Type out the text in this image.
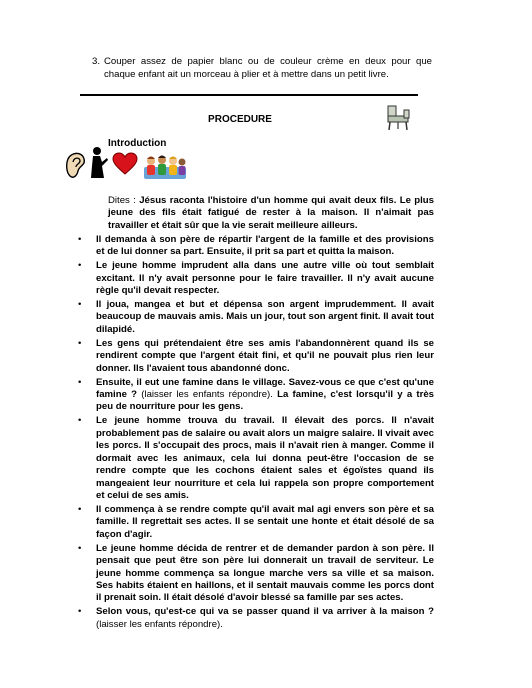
3. Couper assez de papier blanc ou de couleur crème en deux pour que chaque enfant ait un morceau à plier et à mettre dans un petit livre.
PROCEDURE
Introduction
Dites : Jésus raconta l'histoire d'un homme qui avait deux fils. Le plus jeune des fils était fatigué de rester à la maison. Il n'aimait pas travailler et était sûr que la vie serait meilleure ailleurs.
• Il demanda à son père de répartir l'argent de la famille et des provisions et de lui donner sa part. Ensuite, il prit sa part et quitta la maison.
• Le jeune homme imprudent alla dans une autre ville où tout semblait excitant. Il n'y avait personne pour le faire travailler. Il n'y avait aucune règle qu'il devait respecter.
• Il joua, mangea et but et dépensa son argent imprudemment. Il avait beaucoup de mauvais amis. Mais un jour, tout son argent finit. Il avait tout dilapidé.
• Les gens qui prétendaient être ses amis l'abandonnèrent quand ils se rendirent compte que l'argent était fini, et qu'il ne pouvait plus rien leur donner. Ils l'avaient tous abandonné donc.
• Ensuite, il eut une famine dans le village. Savez-vous ce que c'est qu'une famine ? (laisser les enfants répondre). La famine, c'est lorsqu'il y a très peu de nourriture pour les gens.
• Le jeune homme trouva du travail. Il élevait des porcs. Il n'avait probablement pas de salaire ou avait alors un maigre salaire. Il vivait avec les porcs. Il s'occupait des procs, mais il n'avait rien à manger. Comme il dormait avec les animaux, cela lui donna peut-être l'occasion de se rendre compte que les cochons étaient sales et égoïstes quand ils mangeaient leur nourriture et cela lui rappela son propre comportement et celui de ses amis.
• Il commença à se rendre compte qu'il avait mal agi envers son père et sa famille. Il regrettait ses actes. Il se sentait une honte et était désolé de sa façon d'agir.
• Le jeune homme décida de rentrer et de demander pardon à son père. Il pensait que peut être son père lui donnerait un travail de serviteur. Le jeune homme commença sa longue marche vers sa ville et sa maison. Ses habits étaient en haillons, et il sentait mauvais comme les porcs dont il prenait soin. Il était désolé d'avoir blessé sa famille par ses actes.
• Selon vous, qu'est-ce qui va se passer quand il va arriver à la maison ? (laisser les enfants répondre).
